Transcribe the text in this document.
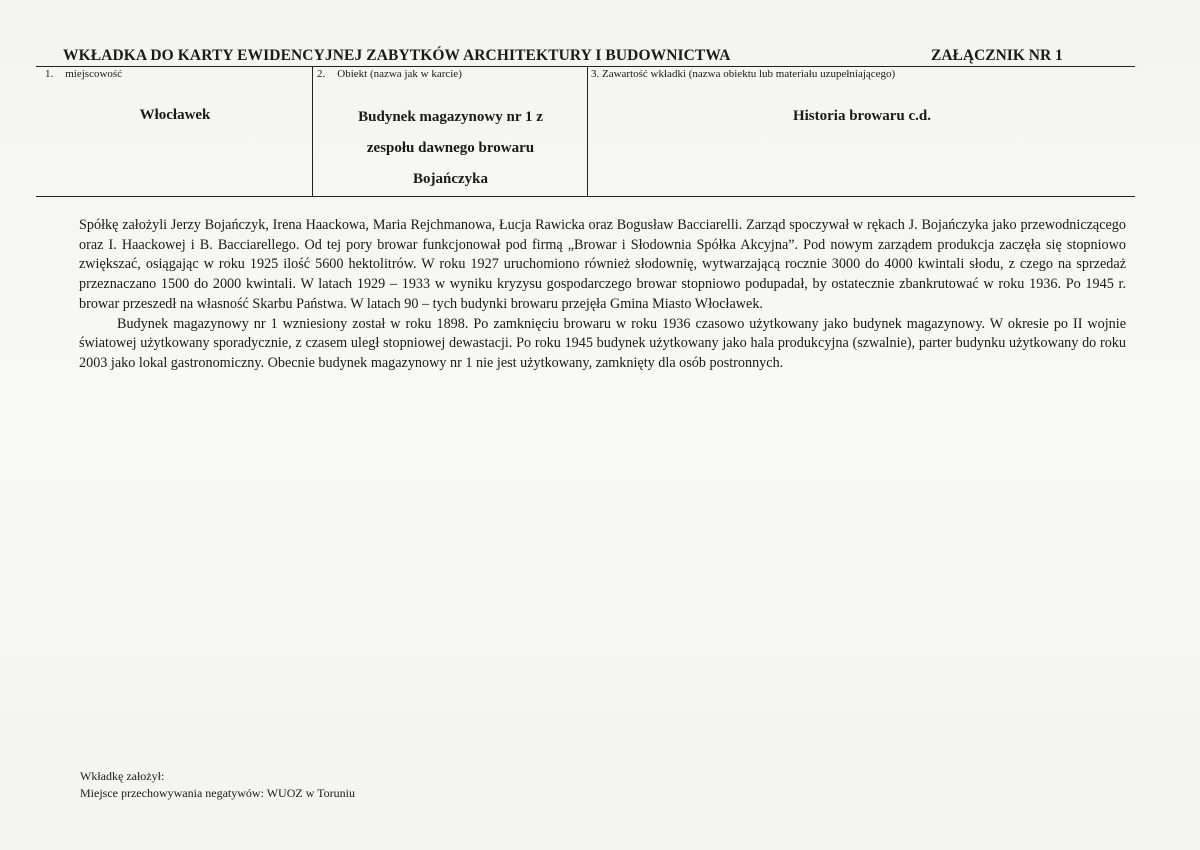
WKŁADKA DO KARTY EWIDENCYJNEJ ZABYTKÓW ARCHITEKTURY I BUDOWNICTWA	ZAŁĄCZNIK NR 1
1. miejscowość
Włocławek
2. Obiekt (nazwa jak w karcie)
Budynek magazynowy nr 1 z
zespołu dawnego browaru
Bojańczyka
3. Zawartość wkładki (nazwa obiektu lub materiału uzupełniającego)
Historia browaru c.d.

Spółkę założyli Jerzy Bojańczyk, Irena Haackowa, Maria Rejchmanowa, Łucja Rawicka oraz Bogusław Bacciarelli. Zarząd spoczywał w rękach J. Bojańczyka jako przewodniczącego oraz I. Haackowej i B. Bacciarellego. Od tej pory browar funkcjonował pod firmą „Browar i Słodownia Spółka Akcyjna”. Pod nowym zarządem produkcja zaczęła się stopniowo zwiększać, osiągając w roku 1925 ilość 5600 hektolitrów. W roku 1927 uruchomiono również słodownię, wytwarzającą rocznie 3000 do 4000 kwintali słodu, z czego na sprzedaż przeznaczano 1500 do 2000 kwintali. W latach 1929 – 1933 w wyniku kryzysu gospodarczego browar stopniowo podupadał, by ostatecznie zbankrutować w roku 1936. Po 1945 r. browar przeszedł na własność Skarbu Państwa. W latach 90 – tych budynki browaru przejęła Gmina Miasto Włocławek.

Budynek magazynowy nr 1 wzniesiony został w roku 1898. Po zamknięciu browaru w roku 1936 czasowo użytkowany jako budynek magazynowy. W okresie po II wojnie światowej użytkowany sporadycznie, z czasem uległ stopniowej dewastacji. Po roku 1945 budynek użytkowany jako hala produkcyjna (szwalnie), parter budynku użytkowany do roku 2003 jako lokal gastronomiczny. Obecnie budynek magazynowy nr 1 nie jest użytkowany, zamknięty dla osób postronnych.

Wkładkę założył:
Miejsce przechowywania negatywów: WUOZ w Toruniu
